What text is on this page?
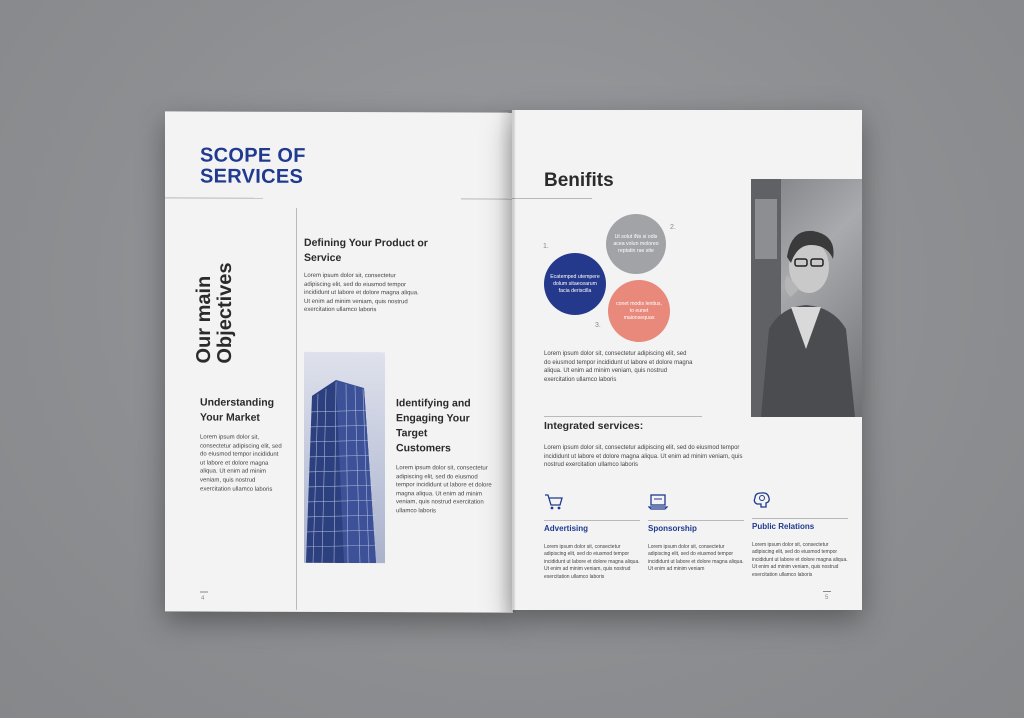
SCOPE OF
SERVICES
Our main Objectives
Defining Your Product or Service
Lorem ipsum dolor sit, consectetur adipiscing elit, sed do eiusmod tempor incididunt ut labore et dolore magna aliqua. Ut enim ad minim veniam, quis nostrud exercitation ullamco laboris
Understanding Your Market
Lorem ipsum dolor sit, consectetur adipiscing elit, sed do eiusmod tempor incididunt ut labore et dolore magna aliqua. Ut enim ad minim veniam, quis nostrud exercitation ullamco laboris
Identifying and Engaging Your Target Customers
Lorem ipsum dolor sit, consectetur adipiscing elit, sed do eiusmod tempor incididunt ut labore et dolore magna aliqua. Ut enim ad minim veniam, quis nostrud exercitation ullamco laboris
4
Benifits
1.
Ecatemped utempere dolum sitaecearum facia deriscilla
2.
Ut solut iNs si odis acea volun moloreo reptatin rae site
3.
conet modis lentius, to eunet maionsequas
Lorem ipsum dolor sit, consectetur adipiscing elit, sed do eiusmod tempor incididunt ut labore et dolore magna aliqua. Ut enim ad minim veniam, quis nostrud exercitation ullamco laboris
Integrated services:
Lorem ipsum dolor sit, consectetur adipiscing elit, sed do eiusmod tempor incididunt ut labore et dolore magna aliqua. Ut enim ad minim veniam, quis nostrud exercitation ullamco laboris
Advertising
Lorem ipsum dolor sit, consectetur adipiscing elit, sed do eiusmod tempor incididunt ut labore et dolore magna aliqua. Ut enim ad minim veniam, quis nostrud exercitation ullamco laboris
Sponsorship
Lorem ipsum dolor sit, consectetur adipiscing elit, sed do eiusmod tempor incididunt ut labore et dolore magna aliqua. Ut enim ad minim veniam
Public Relations
Lorem ipsum dolor sit, consectetur adipiscing elit, sed do eiusmod tempor incididunt ut labore et dolore magna aliqua. Ut enim ad minim veniam, quis nostrud exercitation ullamco laboris
5
